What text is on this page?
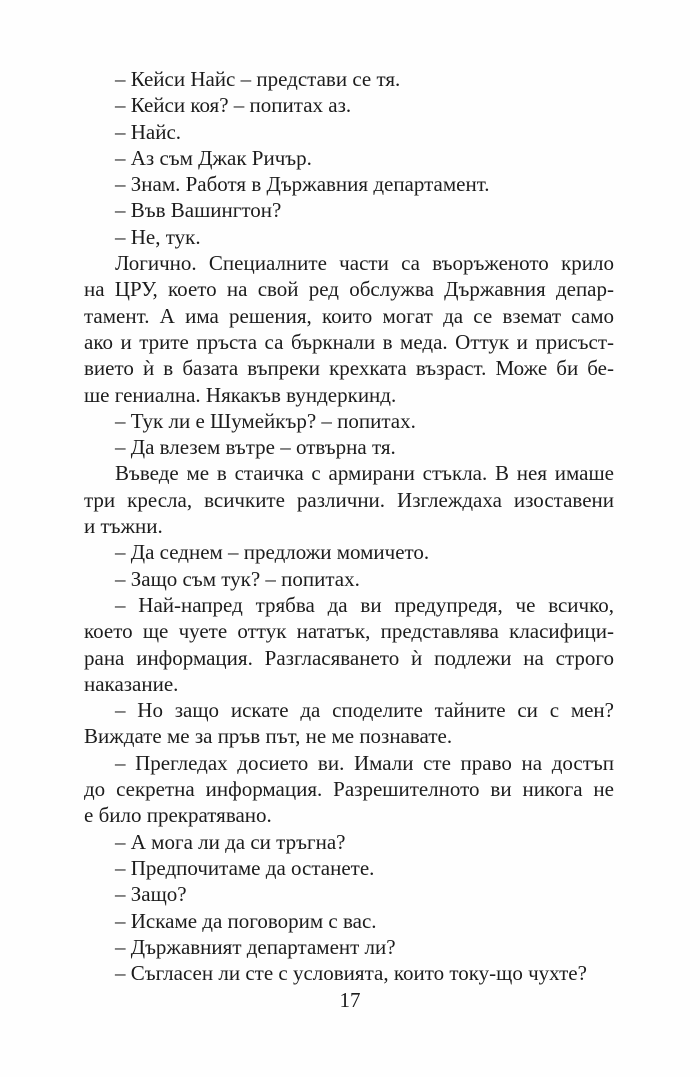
– Кейси Найс – представи се тя.
– Кейси коя? – попитах аз.
– Найс.
– Аз съм Джак Ричър.
– Знам. Работя в Държавния департамент.
– Във Вашингтон?
– Не, тук.
Логично. Специалните части са въоръженото крило
на ЦРУ, което на свой ред обслужва Държавния депар-
тамент. А има решения, които могат да се вземат само
ако и трите пръста са бъркнали в меда. Оттук и присъст-
вието ѝ в базата въпреки крехката възраст. Може би бе-
ше гениална. Някакъв вундеркинд.
– Тук ли е Шумейкър? – попитах.
– Да влезем вътре – отвърна тя.
Въведе ме в стаичка с армирани стъкла. В нея имаше
три кресла, всичките различни. Изглеждаха изоставени
и тъжни.
– Да седнем – предложи момичето.
– Защо съм тук? – попитах.
– Най-напред трябва да ви предупредя, че всичко,
което ще чуете оттук нататък, представлява класифици-
рана информация. Разгласяването ѝ подлежи на строго
наказание.
– Но защо искате да споделите тайните си с мен?
Виждате ме за пръв път, не ме познавате.
– Прегледах досието ви. Имали сте право на достъп
до секретна информация. Разрешителното ви никога не
е било прекратявано.
– А мога ли да си тръгна?
– Предпочитаме да останете.
– Защо?
– Искаме да поговорим с вас.
– Държавният департамент ли?
– Съгласен ли сте с условията, които току-що чухте?
17
